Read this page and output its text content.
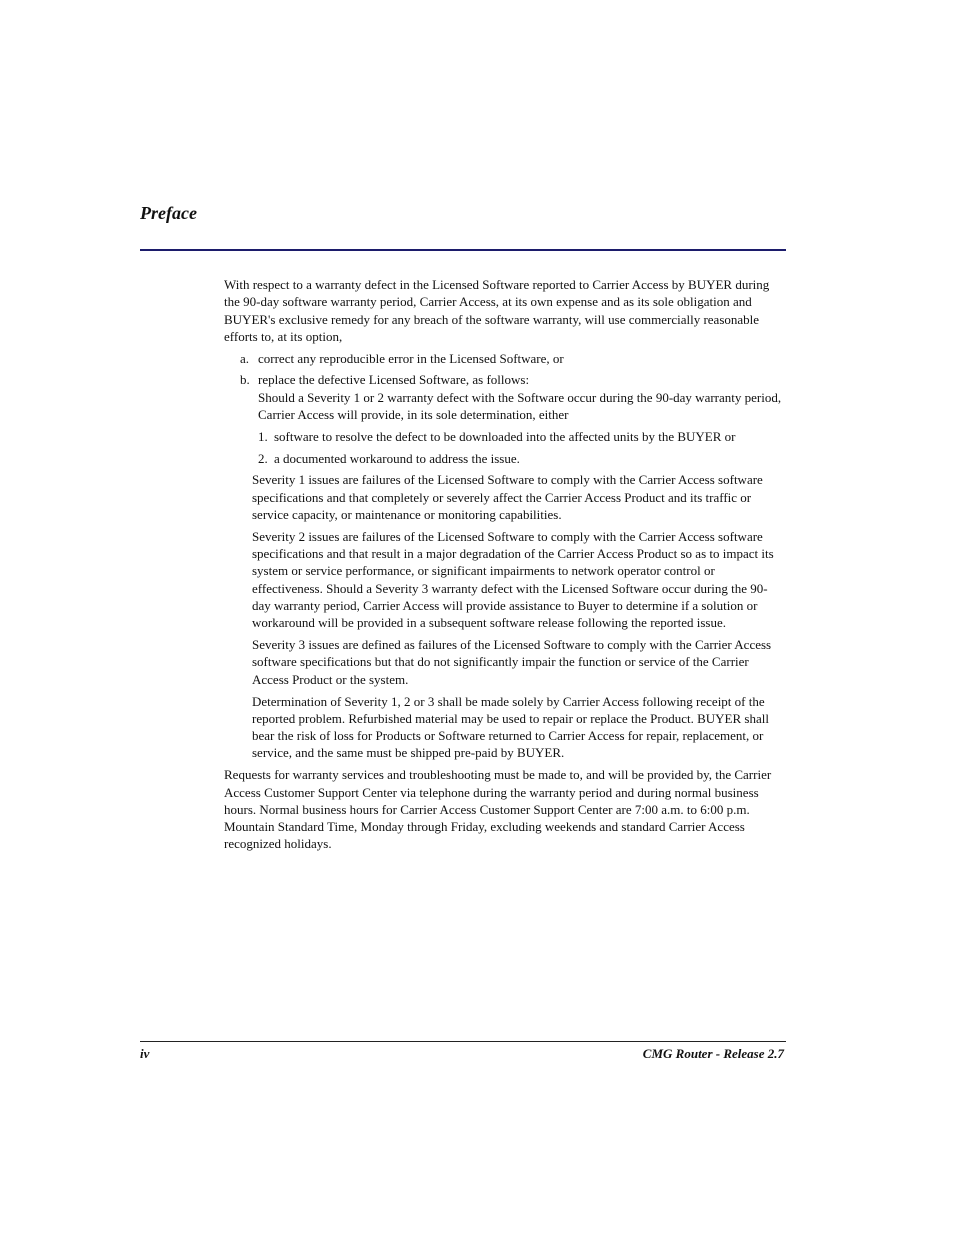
Preface

With respect to a warranty defect in the Licensed Software reported to Carrier Access by BUYER during the 90-day software warranty period, Carrier Access, at its own expense and as its sole obligation and BUYER's exclusive remedy for any breach of the software warranty, will use commercially reasonable efforts to, at its option,

a. correct any reproducible error in the Licensed Software, or
b. replace the defective Licensed Software, as follows:
Should a Severity 1 or 2 warranty defect with the Software occur during the 90-day warranty period, Carrier Access will provide, in its sole determination, either
1. software to resolve the defect to be downloaded into the affected units by the BUYER or
2. a documented workaround to address the issue.

Severity 1 issues are failures of the Licensed Software to comply with the Carrier Access software specifications and that completely or severely affect the Carrier Access Product and its traffic or service capacity, or maintenance or monitoring capabilities.

Severity 2 issues are failures of the Licensed Software to comply with the Carrier Access software specifications and that result in a major degradation of the Carrier Access Product so as to impact its system or service performance, or significant impairments to network operator control or effectiveness. Should a Severity 3 warranty defect with the Licensed Software occur during the 90-day warranty period, Carrier Access will provide assistance to Buyer to determine if a solution or workaround will be provided in a subsequent software release following the reported issue.

Severity 3 issues are defined as failures of the Licensed Software to comply with the Carrier Access software specifications but that do not significantly impair the function or service of the Carrier Access Product or the system.

Determination of Severity 1, 2 or 3 shall be made solely by Carrier Access following receipt of the reported problem. Refurbished material may be used to repair or replace the Product. BUYER shall bear the risk of loss for Products or Software returned to Carrier Access for repair, replacement, or service, and the same must be shipped pre-paid by BUYER.

Requests for warranty services and troubleshooting must be made to, and will be provided by, the Carrier Access Customer Support Center via telephone during the warranty period and during normal business hours. Normal business hours for Carrier Access Customer Support Center are 7:00 a.m. to 6:00 p.m. Mountain Standard Time, Monday through Friday, excluding weekends and standard Carrier Access recognized holidays.

iv	CMG Router - Release 2.7
